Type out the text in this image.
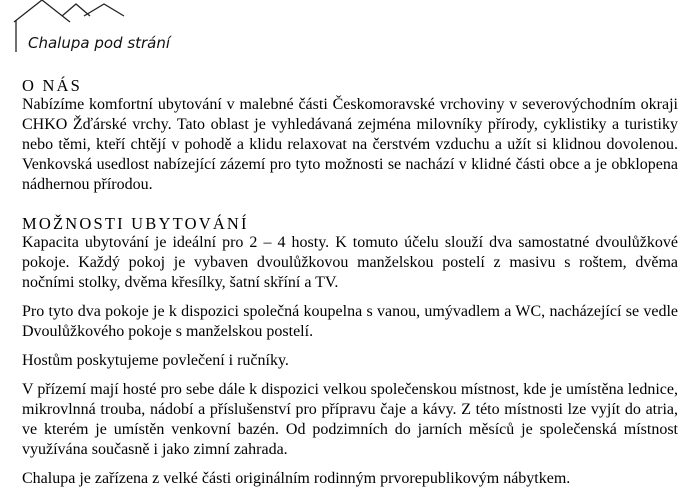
Chalupa pod strání
O NÁS

Nabízíme komfortní ubytování v malebné části Českomoravské vrchoviny v severovýchodním okraji CHKO Žďárské vrchy. Tato oblast je vyhledávaná zejména milovníky přírody, cyklistiky a turistiky nebo těmi, kteří chtějí v pohodě a klidu relaxovat na čerstvém vzduchu a užít si klidnou dovolenou. Venkovská usedlost nabízející zázemí pro tyto možnosti se nachází v klidné části obce a je obklopena nádhernou přírodou.

MOŽNOSTI UBYTOVÁNÍ

Kapacita ubytování je ideální pro 2 – 4 hosty. K tomuto účelu slouží dva samostatné dvoulůžkové pokoje. Každý pokoj je vybaven dvoulůžkovou manželskou postelí z masivu s roštem, dvěma nočními stolky, dvěma křesílky, šatní skříní a TV.

Pro tyto dva pokoje je k dispozici společná koupelna s vanou, umývadlem a WC, nacházející se vedle Dvoulůžkového pokoje s manželskou postelí.

Hostům poskytujeme povlečení i ručníky.

V přízemí mají hosté pro sebe dále k dispozici velkou společenskou místnost, kde je umístěna lednice, mikrovlnná trouba, nádobí a příslušenství pro přípravu čaje a kávy. Z této místnosti lze vyjít do atria, ve kterém je umístěn venkovní bazén. Od podzimních do jarních měsíců je společenská místnost využívána současně i jako zimní zahrada.

Chalupa je zařízena z velké části originálním rodinným prvorepublikovým nábytkem.
